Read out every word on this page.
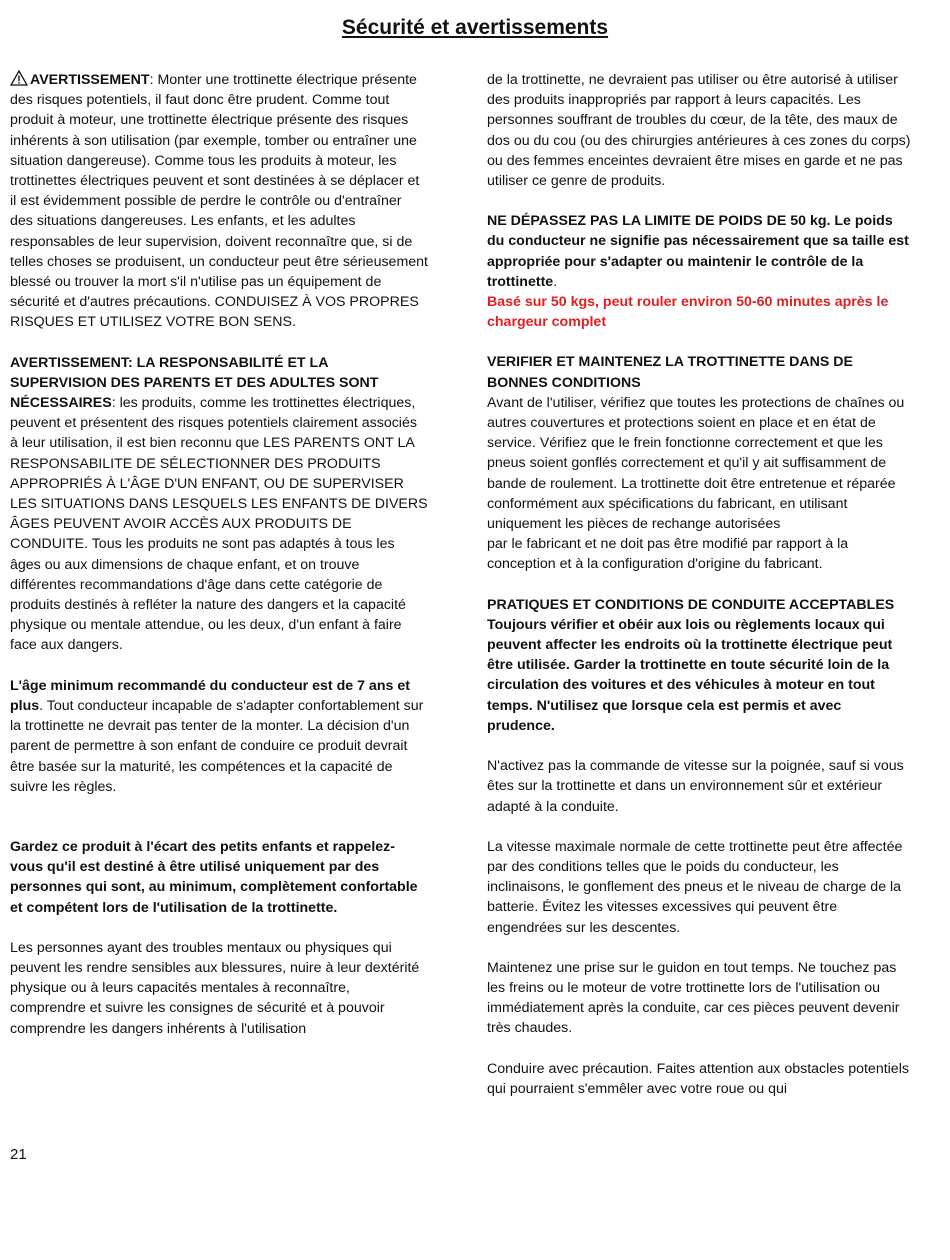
Sécurité et avertissements

AVERTISSEMENT: Monter une trottinette électrique présente des risques potentiels, il faut donc être prudent. Comme tout produit à moteur, une trottinette électrique présente des risques inhérents à son utilisation (par exemple, tomber ou entraîner une situation dangereuse). Comme tous les produits à moteur, les trottinettes électriques peuvent et sont destinées à se déplacer et il est évidemment possible de perdre le contrôle ou d'entraîner des situations dangereuses. Les enfants, et les adultes responsables de leur supervision, doivent reconnaître que, si de telles choses se produisent, un conducteur peut être sérieusement blessé ou trouver la mort s'il n'utilise pas un équipement de sécurité et d'autres précautions. CONDUISEZ À VOS PROPRES RISQUES ET UTILISEZ VOTRE BON SENS.

AVERTISSEMENT: LA RESPONSABILITÉ ET LA SUPERVISION DES PARENTS ET DES ADULTES SONT NÉCESSAIRES: les produits, comme les trottinettes électriques, peuvent et présentent des risques potentiels clairement associés à leur utilisation, il est bien reconnu que LES PARENTS ONT LA RESPONSABILITE DE SÉLECTIONNER DES PRODUITS APPROPRIÉS À L'ÂGE D'UN ENFANT, OU DE SUPERVISER LES SITUATIONS DANS LESQUELS LES ENFANTS DE DIVERS ÂGES PEUVENT AVOIR ACCÈS AUX PRODUITS DE CONDUITE. Tous les produits ne sont pas adaptés à tous les âges ou aux dimensions de chaque enfant, et on trouve différentes recommandations d'âge dans cette catégorie de produits destinés à refléter la nature des dangers et la capacité physique ou mentale attendue, ou les deux, d'un enfant à faire face aux dangers.

L'âge minimum recommandé du conducteur est de 7 ans et plus. Tout conducteur incapable de s'adapter confortablement sur la trottinette ne devrait pas tenter de la monter. La décision d'un parent de permettre à son enfant de conduire ce produit devrait être basée sur la maturité, les compétences et la capacité de suivre les règles.

Gardez ce produit à l'écart des petits enfants et rappelez-vous qu'il est destiné à être utilisé uniquement par des personnes qui sont, au minimum, complètement confortable et compétent lors de l'utilisation de la trottinette.

Les personnes ayant des troubles mentaux ou physiques qui peuvent les rendre sensibles aux blessures, nuire à leur dextérité physique ou à leurs capacités mentales à reconnaître, comprendre et suivre les consignes de sécurité et à pouvoir comprendre les dangers inhérents à l'utilisation

de la trottinette, ne devraient pas utiliser ou être autorisé à utiliser des produits inappropriés par rapport à leurs capacités. Les personnes souffrant de troubles du cœur, de la tête, des maux de dos ou du cou (ou des chirurgies antérieures à ces zones du corps) ou des femmes enceintes devraient être mises en garde et ne pas utiliser ce genre de produits.

NE DÉPASSEZ PAS LA LIMITE DE POIDS DE 50 kg. Le poids du conducteur ne signifie pas nécessairement que sa taille est appropriée pour s'adapter ou maintenir le contrôle de la trottinette.
Basé sur 50 kgs, peut rouler environ 50-60 minutes après le chargeur complet

VERIFIER ET MAINTENEZ LA TROTTINETTE DANS DE BONNES CONDITIONS
Avant de l'utiliser, vérifiez que toutes les protections de chaînes ou autres couvertures et protections soient en place et en état de service. Vérifiez que le frein fonctionne correctement et que les pneus soient gonflés correctement et qu'il y ait suffisamment de bande de roulement. La trottinette doit être entretenue et réparée conformément aux spécifications du fabricant, en utilisant uniquement les pièces de rechange autorisées
par le fabricant et ne doit pas être modifié par rapport à la conception et à la configuration d'origine du fabricant.

PRATIQUES ET CONDITIONS DE CONDUITE ACCEPTABLES
Toujours vérifier et obéir aux lois ou règlements locaux qui peuvent affecter les endroits où la trottinette électrique peut être utilisée. Garder la trottinette en toute sécurité loin de la circulation des voitures et des véhicules à moteur en tout temps. N'utilisez que lorsque cela est permis et avec prudence.

N'activez pas la commande de vitesse sur la poignée, sauf si vous êtes sur la trottinette et dans un environnement sûr et extérieur adapté à la conduite.

La vitesse maximale normale de cette trottinette peut être affectée par des conditions telles que le poids du conducteur, les inclinaisons, le gonflement des pneus et le niveau de charge de la batterie. Évitez les vitesses excessives qui peuvent être engendrées sur les descentes.

Maintenez une prise sur le guidon en tout temps. Ne touchez pas les freins ou le moteur de votre trottinette lors de l'utilisation ou immédiatement après la conduite, car ces pièces peuvent devenir très chaudes.

Conduire avec précaution. Faites attention aux obstacles potentiels qui pourraient s'emmêler avec votre roue ou qui

21
